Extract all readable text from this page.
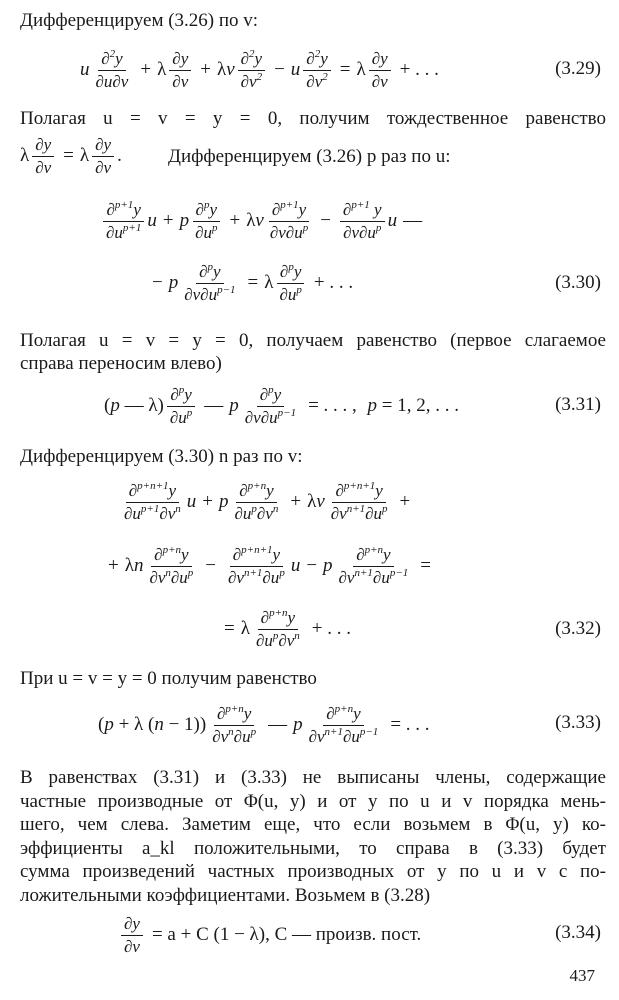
Дифференцируем (3.26) по v:
u $\frac{\partial^2y}{\partial u\partial v} + \lambda \frac{\partial y}{\partial v} + \lambda$ v $\frac{\partial^2y}{\partial v^2} - u \frac{\partial^2y}{\partial v^2} = \lambda \frac{\partial y}{\partial v}$ + . . .	(3.29)
Полагая u = v = y = 0, получим тождественное равенство
λ $\frac{\partial y}{\partial v} = \lambda \frac{\partial y}{\partial v}$ . Дифференцируем (3.26) p раз по u:
$\frac{\partial^{p+1}y}{\partial u^{p+1}}$ u + p $\frac{\partial^py}{\partial u^p} + \lambda$ v $\frac{\partial^{p+1}y}{\partial v\partial u^p} - \frac{\partial^{p+1} y}{\partial v\partial u^p}$ u —
− p $\frac{\partial^py}{\partial v\partial u^{p-1}} = \lambda \frac{\partial^py}{\partial u^p}$ + . . .	(3.30)
Полагая u = v = y = 0, получаем равенство (первое слагаемое
справа переносим влево)
( p — $\lambda) \frac{\partial^py}{\partial u^p}$ — p $\frac{\partial^py}{\partial v\partial u^{p-1}}$ = . . . , p = 1, 2, . . .	(3.31)
Дифференцируем (3.30) n раз по v:
$\frac{\partial^{p+n+1}y}{\partial u^{p+1}\partial v^n}$ u + p $\frac{\partial^{p+n}y}{\partial u^p\partial v^n} + \lambda$ v $\frac{\partial^{p+n+1}y}{\partial v^{n+1}\partial u^p}$ +
+ λ n $\frac{\partial^{p+n}y}{\partial v^n\partial u^p} - \frac{\partial^{p+n+1}y}{\partial v^{n+1}\partial u^p}$ u − p $\frac{\partial^{p+n}y}{\partial v^{n+1}\partial u^{p-1}}$ =
= λ $\frac{\partial^{p+n}y}{\partial u^p\partial v^n}$ + . . .	(3.32)
При u = v = y = 0 получим равенство
( p + λ ( $n - 1)) \frac{\partial^{p+n}y}{\partial v^n\partial u^p}$ — p $\frac{\partial^{p+n}y}{\partial v^{n+1}\partial u^{p-1}}$ = . . .	(3.33)
В равенствах (3.31) и (3.33) не выписаны члены, содержащие
частные производные от Φ(u, y) и от y по u и v порядка мень-
шего, чем слева. Заметим еще, что если возьмем в Φ(u, y) ко-
эффициенты a_kl положительными, то справа в (3.33) будет
сумма произведений частных производных от y по u и v с по-
ложительными коэффициентами. Возьмем в (3.28)
$\frac{\partial y}{\partial v} = a + C$ (1 − λ), C — произв. пост.	(3.34)
437
